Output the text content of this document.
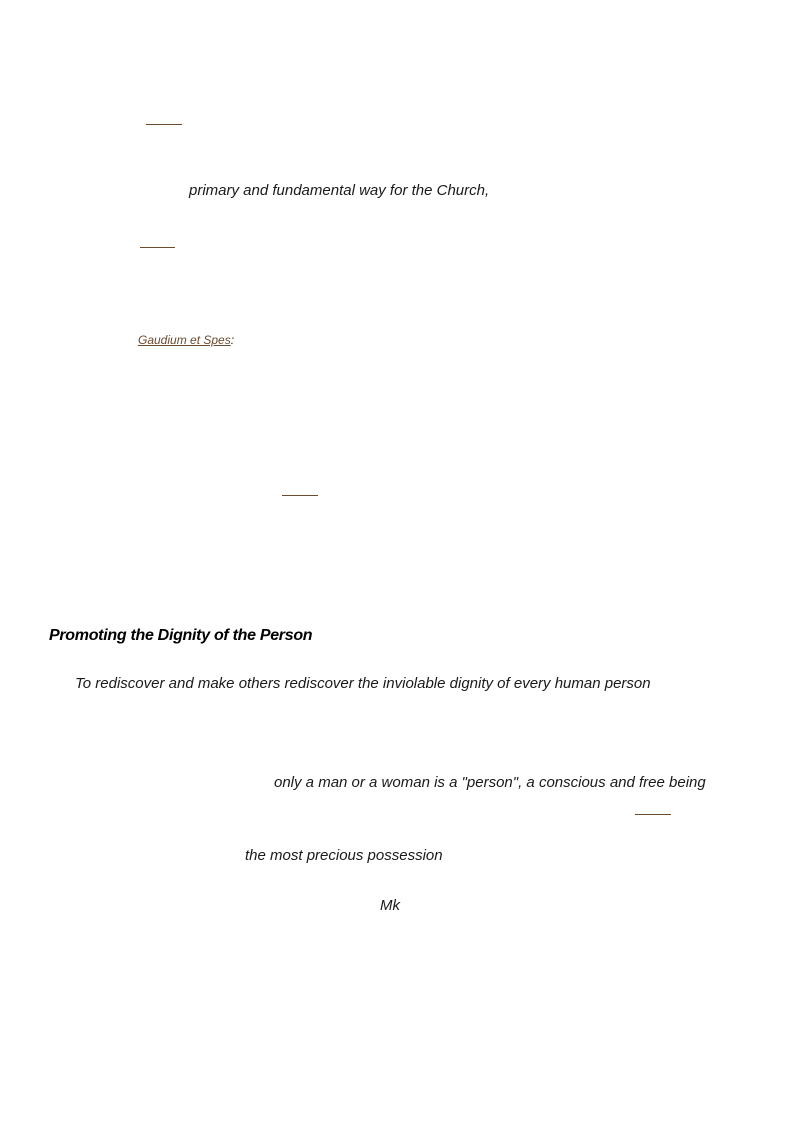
primary and fundamental way for the Church,
Gaudium et Spes:
Promoting the Dignity of the Person
To rediscover and make others rediscover the inviolable dignity of every human person
only a man or a woman is a "person", a conscious and free being
the most precious possession
Mk
